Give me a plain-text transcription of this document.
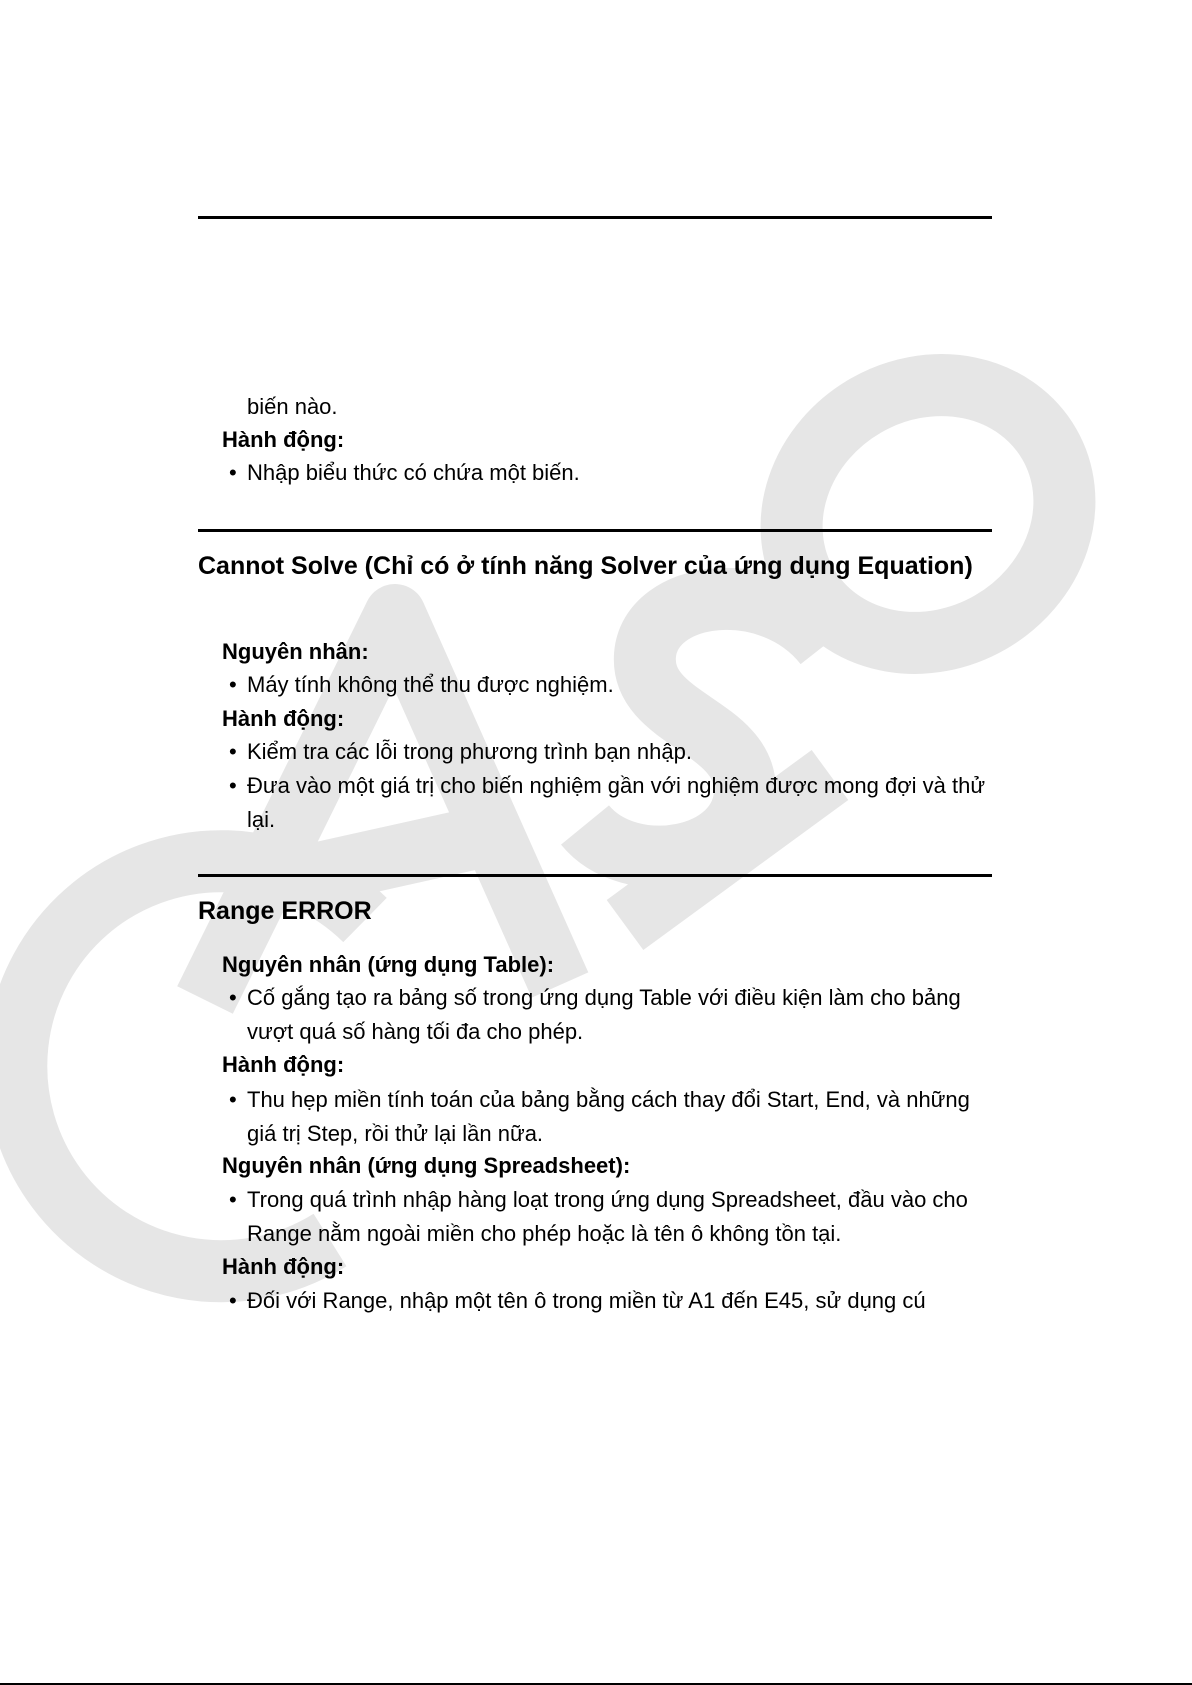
biến nào.
Hành động:
• Nhập biểu thức có chứa một biến.
Cannot Solve (Chỉ có ở tính năng Solver của ứng dụng Equation)
Nguyên nhân:
• Máy tính không thể thu được nghiệm.
Hành động:
• Kiểm tra các lỗi trong phương trình bạn nhập.
• Đưa vào một giá trị cho biến nghiệm gần với nghiệm được mong đợi và thử lại.
Range ERROR
Nguyên nhân (ứng dụng Table):
• Cố gắng tạo ra bảng số trong ứng dụng Table với điều kiện làm cho bảng vượt quá số hàng tối đa cho phép.
Hành động:
• Thu hẹp miền tính toán của bảng bằng cách thay đổi Start, End, và những giá trị Step, rồi thử lại lần nữa.
Nguyên nhân (ứng dụng Spreadsheet):
• Trong quá trình nhập hàng loạt trong ứng dụng Spreadsheet, đầu vào cho Range nằm ngoài miền cho phép hoặc là tên ô không tồn tại.
Hành động:
• Đối với Range, nhập một tên ô trong miền từ A1 đến E45, sử dụng cú
